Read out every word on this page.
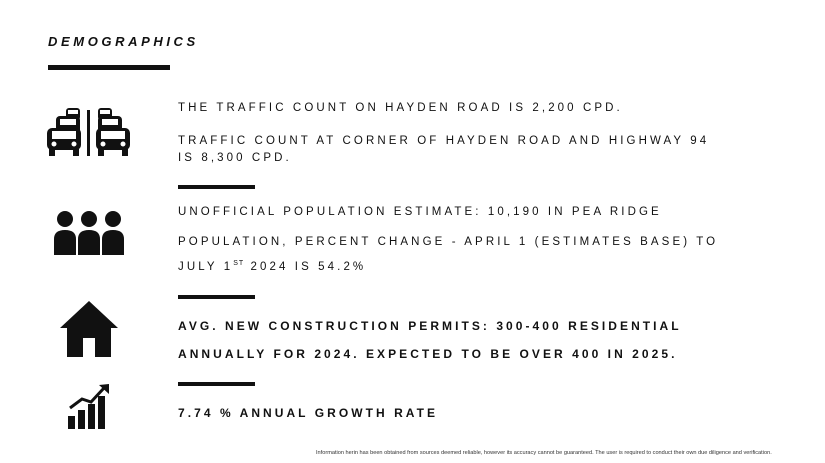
DEMOGRAPHICS
THE TRAFFIC COUNT ON HAYDEN ROAD IS 2,200 CPD.
TRAFFIC COUNT AT CORNER OF HAYDEN ROAD AND HIGHWAY 94 IS 8,300 CPD.
UNOFFICIAL POPULATION ESTIMATE: 10,190 IN PEA RIDGE
POPULATION, PERCENT CHANGE - APRIL 1 (ESTIMATES BASE) TO
JULY 1ST 2024 IS 54.2%
AVG. NEW CONSTRUCTION PERMITS: 300-400 RESIDENTIAL
ANNUALLY FOR 2024. EXPECTED TO BE OVER 400 IN 2025.
7.74 % ANNUAL GROWTH RATE
Information herin has been obtained from sources deemed reliable, however its accuracy cannot be guaranteed. The user is required to conduct their own due diligence and verification.
